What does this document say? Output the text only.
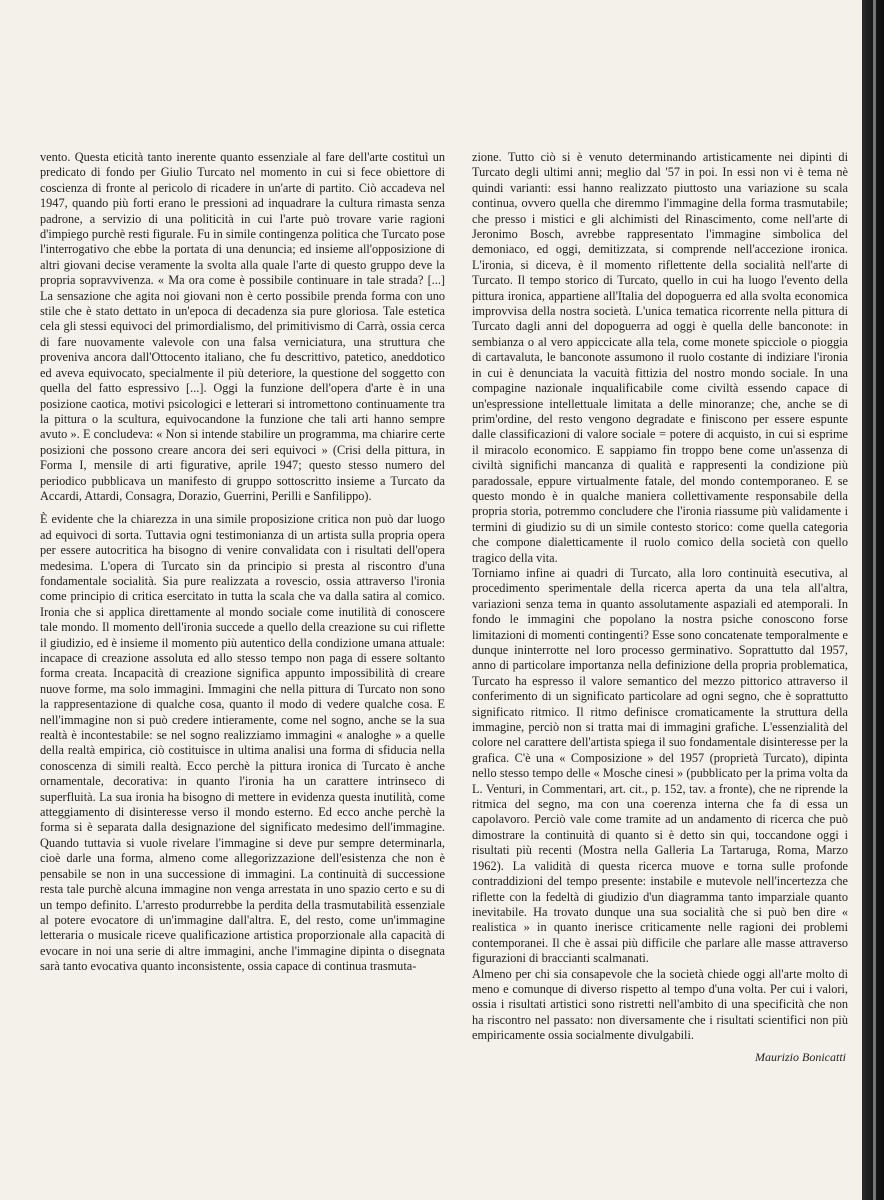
vento. Questa eticità tanto inerente quanto essenziale al fare dell'arte costituì un predicato di fondo per Giulio Turcato nel momento in cui si fece obiettore di coscienza di fronte al pericolo di ricadere in un'arte di partito. Ciò accadeva nel 1947, quando più forti erano le pressioni ad inquadrare la cultura rimasta senza padrone, a servizio di una politicità in cui l'arte può trovare varie ragioni d'impiego purchè resti figurale. Fu in simile contingenza politica che Turcato pose l'interrogativo che ebbe la portata di una denuncia; ed insieme all'opposizione di altri giovani decise veramente la svolta alla quale l'arte di questo gruppo deve la propria sopravvivenza. « Ma ora come è possibile continuare in tale strada? [...] La sensazione che agita noi giovani non è certo possibile prenda forma con uno stile che è stato dettato in un'epoca di decadenza sia pure gloriosa. Tale estetica cela gli stessi equivoci del primordialismo, del primitivismo di Carrà, ossia cerca di fare nuovamente valevole con una falsa verniciatura, una struttura che proveniva ancora dall'Ottocento italiano, che fu descrittivo, patetico, aneddotico ed aveva equivocato, specialmente il più deteriore, la questione del soggetto con quella del fatto espressivo [...]. Oggi la funzione dell'opera d'arte è in una posizione caotica, motivi psicologici e letterari si intromettono continuamente tra la pittura o la scultura, equivocandone la funzione che tali arti hanno sempre avuto ». E concludeva: « Non si intende stabilire un programma, ma chiarire certe posizioni che possono creare ancora dei seri equivoci » (Crisi della pittura, in Forma I, mensile di arti figurative, aprile 1947; questo stesso numero del periodico pubblicava un manifesto di gruppo sottoscritto insieme a Turcato da Accardi, Attardi, Consagra, Dorazio, Guerrini, Perilli e Sanfilippo).

È evidente che la chiarezza in una simile proposizione critica non può dar luogo ad equivoci di sorta. Tuttavia ogni testimonianza di un artista sulla propria opera per essere autocritica ha bisogno di venire convalidata con i risultati dell'opera medesima. L'opera di Turcato sin da principio si presta al riscontro d'una fondamentale socialità. Sia pure realizzata a rovescio, ossia attraverso l'ironia come principio di critica esercitato in tutta la scala che va dalla satira al comico. Ironia che si applica direttamente al mondo sociale come inutilità di conoscere tale mondo. Il momento dell'ironia succede a quello della creazione su cui riflette il giudizio, ed è insieme il momento più autentico della condizione umana attuale: incapace di creazione assoluta ed allo stesso tempo non paga di essere soltanto forma creata. Incapacità di creazione significa appunto impossibilità di creare nuove forme, ma solo immagini. Immagini che nella pittura di Turcato non sono la rappresentazione di qualche cosa, quanto il modo di vedere qualche cosa. E nell'immagine non si può credere intieramente, come nel sogno, anche se la sua realtà è incontestabile: se nel sogno realizziamo immagini « analoghe » a quelle della realtà empirica, ciò costituisce in ultima analisi una forma di sfiducia nella conoscenza di simili realtà. Ecco perchè la pittura ironica di Turcato è anche ornamentale, decorativa: in quanto l'ironia ha un carattere intrinseco di superfluità. La sua ironia ha bisogno di mettere in evidenza questa inutilità, come atteggiamento di disinteresse verso il mondo esterno. Ed ecco anche perchè la forma si è separata dalla designazione del significato medesimo dell'immagine. Quando tuttavia si vuole rivelare l'immagine si deve pur sempre determinarla, cioè darle una forma, almeno come allegorizzazione dell'esistenza che non è pensabile se non in una successione di immagini. La continuità di successione resta tale purchè alcuna immagine non venga arrestata in uno spazio certo e su di un tempo definito. L'arresto produrrebbe la perdita della trasmutabilità essenziale al potere evocatore di un'immagine dall'altra. E, del resto, come un'immagine letteraria o musicale riceve qualificazione artistica proporzionale alla capacità di evocare in noi una serie di altre immagini, anche l'immagine dipinta o disegnata sarà tanto evocativa quanto inconsistente, ossia capace di continua trasmuta-

zione. Tutto ciò si è venuto determinando artisticamente nei dipinti di Turcato degli ultimi anni; meglio dal '57 in poi. In essi non vi è tema nè quindi varianti: essi hanno realizzato piuttosto una variazione su scala continua, ovvero quella che diremmo l'immagine della forma trasmutabile; che presso i mistici e gli alchimisti del Rinascimento, come nell'arte di Jeronimo Bosch, avrebbe rappresentato l'immagine simbolica del demoniaco, ed oggi, demitizzata, si comprende nell'accezione ironica. L'ironia, si diceva, è il momento riflettente della socialità nell'arte di Turcato. Il tempo storico di Turcato, quello in cui ha luogo l'evento della pittura ironica, appartiene all'Italia del dopoguerra ed alla svolta economica improvvisa della nostra società. L'unica tematica ricorrente nella pittura di Turcato dagli anni del dopoguerra ad oggi è quella delle banconote: in sembianza o al vero appiccicate alla tela, come monete spicciole o pioggia di cartavaluta, le banconote assumono il ruolo costante di indiziare l'ironia in cui è denunciata la vacuità fittizia del nostro mondo sociale. In una compagine nazionale inqualificabile come civiltà essendo capace di un'espressione intellettuale limitata a delle minoranze; che, anche se di prim'ordine, del resto vengono degradate e finiscono per essere espunte dalle classificazioni di valore sociale = potere di acquisto, in cui si esprime il miracolo economico. E sappiamo fin troppo bene come un'assenza di civiltà significhi mancanza di qualità e rappresenti la condizione più paradossale, eppure virtualmente fatale, del mondo contemporaneo. E se questo mondo è in qualche maniera collettivamente responsabile della propria storia, potremmo concludere che l'ironia riassume più validamente i termini di giudizio su di un simile contesto storico: come quella categoria che compone dialetticamente il ruolo comico della società con quello tragico della vita.

Torniamo infine ai quadri di Turcato, alla loro continuità esecutiva, al procedimento sperimentale della ricerca aperta da una tela all'altra, variazioni senza tema in quanto assolutamente aspaziali ed atemporali. In fondo le immagini che popolano la nostra psiche conoscono forse limitazioni di momenti contingenti? Esse sono concatenate temporalmente e dunque ininterrotte nel loro processo germinativo. Soprattutto dal 1957, anno di particolare importanza nella definizione della propria problematica, Turcato ha espresso il valore semantico del mezzo pittorico attraverso il conferimento di un significato particolare ad ogni segno, che è soprattutto significato ritmico. Il ritmo definisce cromaticamente la struttura della immagine, perciò non si tratta mai di immagini grafiche. L'essenzialità del colore nel carattere dell'artista spiega il suo fondamentale disinteresse per la grafica. C'è una « Composizione » del 1957 (proprietà Turcato), dipinta nello stesso tempo delle « Mosche cinesi » (pubblicato per la prima volta da L. Venturi, in Commentari, art. cit., p. 152, tav. a fronte), che ne riprende la ritmica del segno, ma con una coerenza interna che fa di essa un capolavoro. Perciò vale come tramite ad un andamento di ricerca che può dimostrare la continuità di quanto si è detto sin qui, toccandone oggi i risultati più recenti (Mostra nella Galleria La Tartaruga, Roma, Marzo 1962). La validità di questa ricerca muove e torna sulle profonde contraddizioni del tempo presente: instabile e mutevole nell'incertezza che riflette con la fedeltà di giudizio d'un diagramma tanto imparziale quanto inevitabile. Ha trovato dunque una sua socialità che si può ben dire « realistica » in quanto inerisce criticamente nelle ragioni dei problemi contemporanei. Il che è assai più difficile che parlare alle masse attraverso figurazioni di braccianti scalmanati.

Almeno per chi sia consapevole che la società chiede oggi all'arte molto di meno e comunque di diverso rispetto al tempo d'una volta. Per cui i valori, ossia i risultati artistici sono ristretti nell'ambito di una specificità che non ha riscontro nel passato: non diversamente che i risultati scientifici non più empiricamente ossia socialmente divulgabili.

Maurizio Bonicatti
